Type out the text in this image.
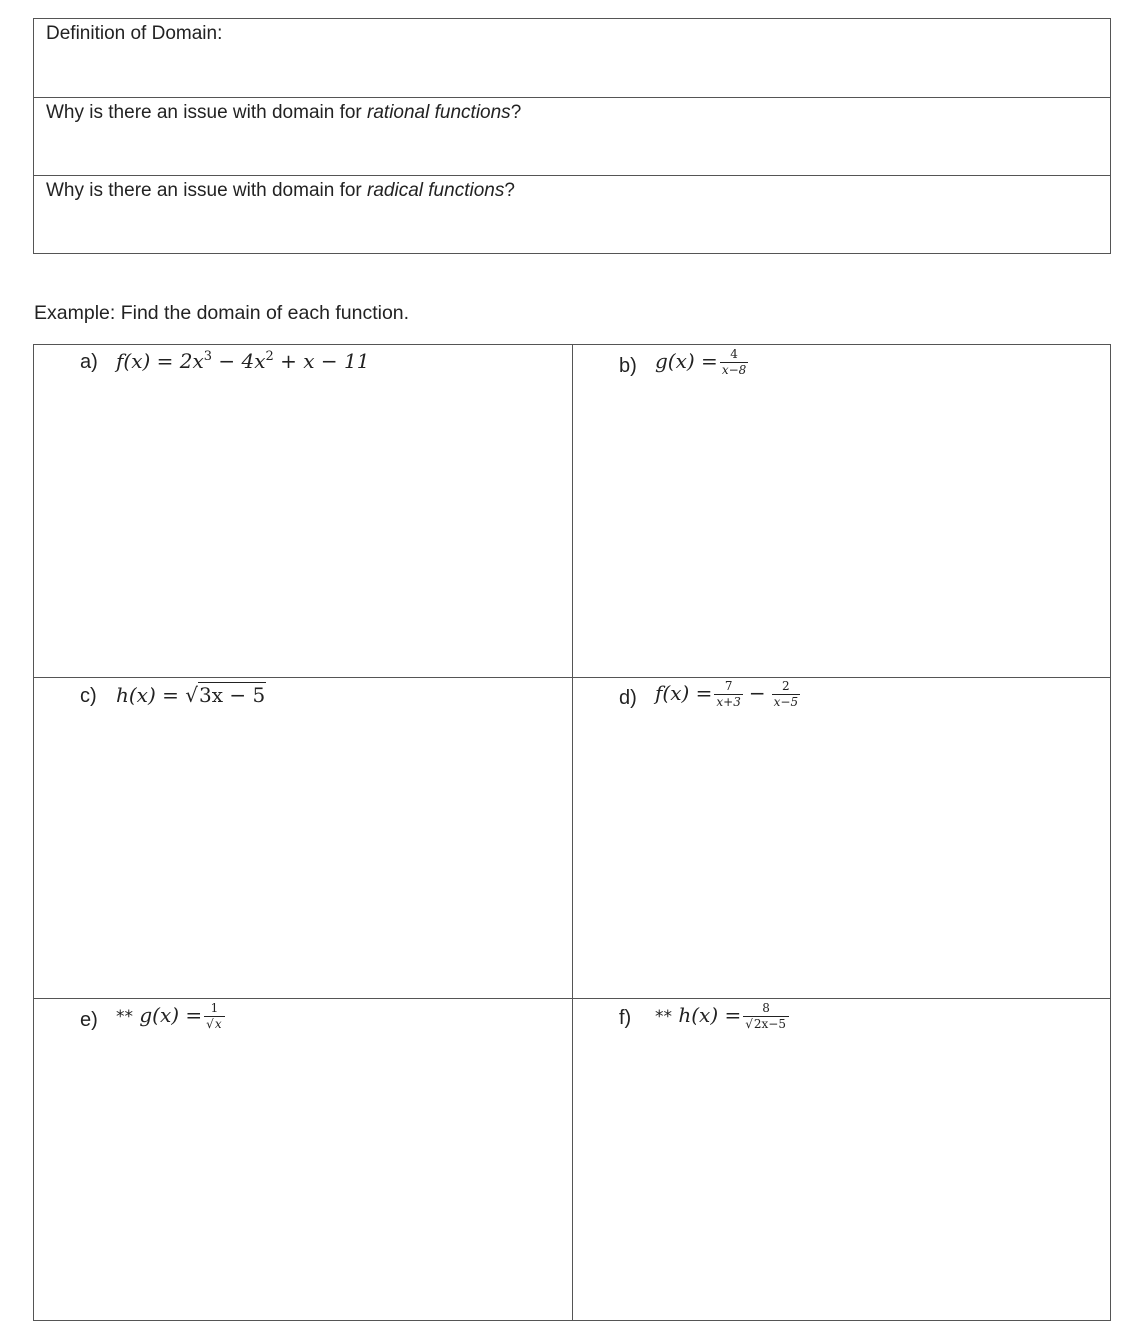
Definition of Domain:
Why is there an issue with domain for rational functions?
Why is there an issue with domain for radical functions?
Example: Find the domain of each function.
a) $f(x) = 2x^3 - 4x^2 + x - 11$	b) $g(x) = \frac{4}{x-8}$
c) h(x) = √3x − 5	d) $f(x) = \frac{7}{x+3} - \frac{2}{x-5}$
$e) ** g(x) = \frac{1}{√x}$	$f) ** h(x) = \frac{8}{√2x-5}$
